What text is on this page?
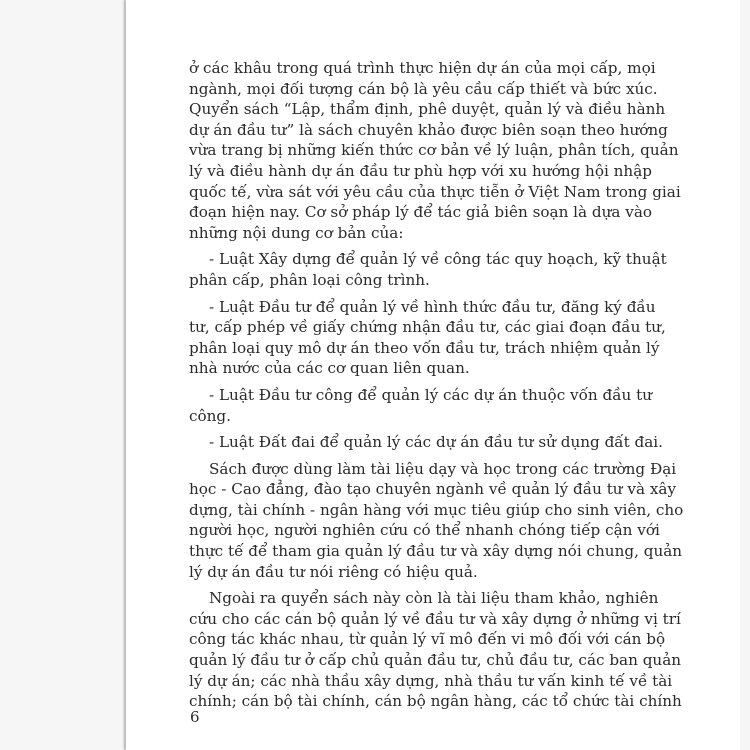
ở các khâu trong quá trình thực hiện dự án của mọi cấp, mọi
ngành, mọi đối tượng cán bộ là yêu cầu cấp thiết và bức xúc.
Quyển sách “Lập, thẩm định, phê duyệt, quản lý và điều hành
dự án đầu tư” là sách chuyên khảo được biên soạn theo hướng
vừa trang bị những kiến thức cơ bản về lý luận, phân tích, quản
lý và điều hành dự án đầu tư phù hợp với xu hướng hội nhập
quốc tế, vừa sát với yêu cầu của thực tiễn ở Việt Nam trong giai
đoạn hiện nay. Cơ sở pháp lý để tác giả biên soạn là dựa vào
những nội dung cơ bản của:

- Luật Xây dựng để quản lý về công tác quy hoạch, kỹ thuật
phân cấp, phân loại công trình.

- Luật Đầu tư để quản lý về hình thức đầu tư, đăng ký đầu
tư, cấp phép về giấy chứng nhận đầu tư, các giai đoạn đầu tư,
phân loại quy mô dự án theo vốn đầu tư, trách nhiệm quản lý
nhà nước của các cơ quan liên quan.

- Luật Đầu tư công để quản lý các dự án thuộc vốn đầu tư
công.

- Luật Đất đai để quản lý các dự án đầu tư sử dụng đất đai.

Sách được dùng làm tài liệu dạy và học trong các trường Đại
học - Cao đẳng, đào tạo chuyên ngành về quản lý đầu tư và xây
dựng, tài chính - ngân hàng với mục tiêu giúp cho sinh viên, cho
người học, người nghiên cứu có thể nhanh chóng tiếp cận với
thực tế để tham gia quản lý đầu tư và xây dựng nói chung, quản
lý dự án đầu tư nói riêng có hiệu quả.

Ngoài ra quyển sách này còn là tài liệu tham khảo, nghiên
cứu cho các cán bộ quản lý về đầu tư và xây dựng ở những vị trí
công tác khác nhau, từ quản lý vĩ mô đến vi mô đối với cán bộ
quản lý đầu tư ở cấp chủ quản đầu tư, chủ đầu tư, các ban quản
lý dự án; các nhà thầu xây dựng, nhà thầu tư vấn kinh tế về tài
chính; cán bộ tài chính, cán bộ ngân hàng, các tổ chức tài chính

6
